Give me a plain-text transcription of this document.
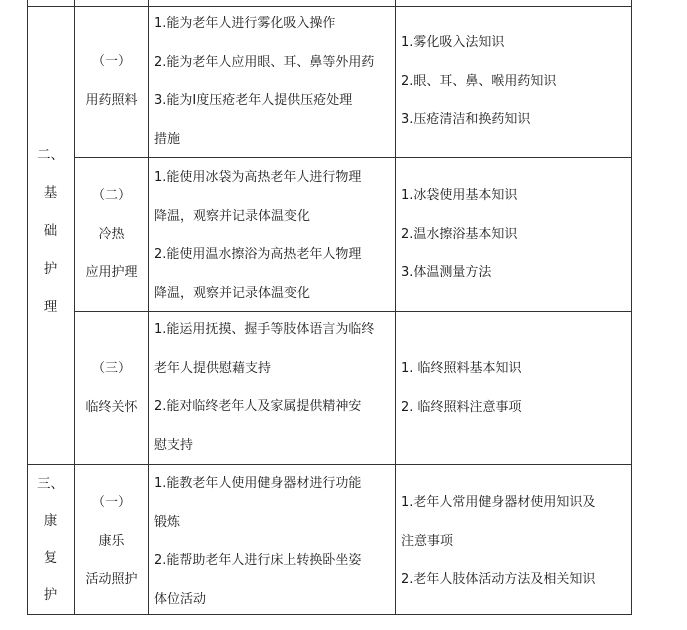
二、
基
础
护
理
（一）
用药照料
1.能为老年人进行雾化吸入操作
2.能为老年人应用眼、耳、鼻等外用药
3.能为Ⅰ度压疮老年人提供压疮处理
措施
1.雾化吸入法知识
2.眼、耳、鼻、喉用药知识
3.压疮清洁和换药知识
（二）
冷热
应用护理
1.能使用冰袋为高热老年人进行物理
降温，观察并记录体温变化
2.能使用温水擦浴为高热老年人物理
降温，观察并记录体温变化
1.冰袋使用基本知识
2.温水擦浴基本知识
3.体温测量方法
（三）
临终关怀
1.能运用抚摸、握手等肢体语言为临终
老年人提供慰藉支持
2.能对临终老年人及家属提供精神安
慰支持
1. 临终照料基本知识
2. 临终照料注意事项
三、
康
复
护
（一）
康乐
活动照护
1.能教老年人使用健身器材进行功能
锻炼
2.能帮助老年人进行床上转换卧坐姿
体位活动
1.老年人常用健身器材使用知识及
注意事项
2.老年人肢体活动方法及相关知识
